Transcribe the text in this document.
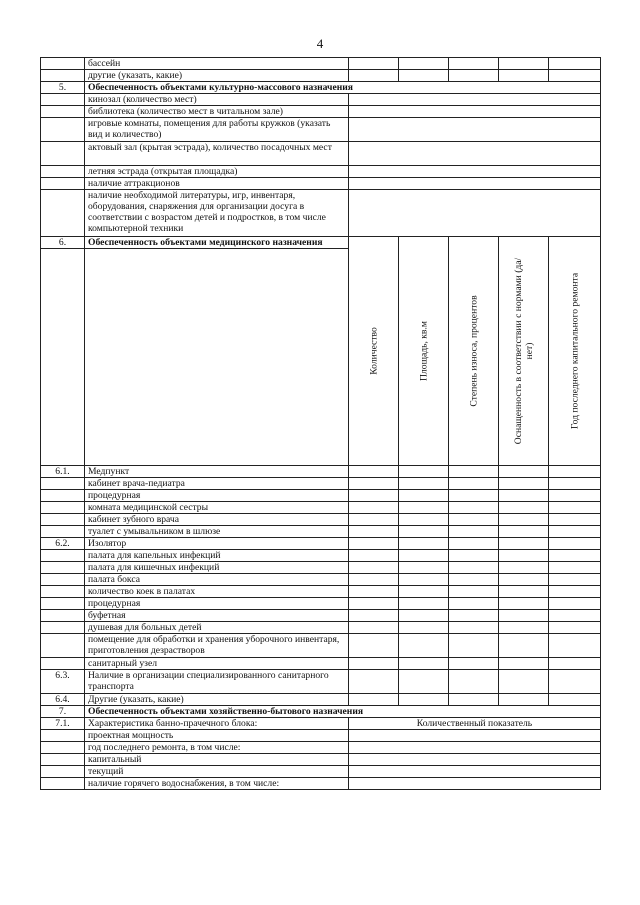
4
	бассейн					
	другие (указать, какие)					
5.	Обеспеченность объектами культурно-массового назначения					
	кинозал (количество мест)					
	библиотека (количество мест в читальном зале)					
	игровые комнаты, помещения для работы кружков (указать вид и количество)					
	актовый зал (крытая эстрада), количество посадочных мест					
	летняя эстрада (открытая площадка)					
	наличие аттракционов					
	наличие необходимой литературы, игр, инвентаря, оборудования, снаряжения для организации досуга в соответствии с возрастом детей и подростков, в том числе компьютерной техники					
6.	Обеспеченность объектами медицинского назначения	Количество	Площадь, кв.м	Степень износа, процентов	Оснащенность в соответствии с нормами (да/нет)	Год последнего капитального ремонта

6.1.	Медпункт					
	кабинет врача-педиатра					
	процедурная					
	комната медицинской сестры					
	кабинет зубного врача					
	туалет с умывальником в шлюзе					
6.2.	Изолятор					
	палата для капельных инфекций					
	палата для кишечных инфекций					
	палата бокса					
	количество коек в палатах					
	процедурная					
	буфетная					
	душевая для больных детей					
	помещение для обработки и хранения уборочного инвентаря, приготовления дезрастворов					
	санитарный узел					
6.3.	Наличие в организации специализированного санитарного транспорта					
6.4.	Другие (указать, какие)					
7.	Обеспеченность объектами хозяйственно-бытового назначения					
7.1.	Характеристика банно-прачечного блока:	Количественный показатель				
	проектная мощность					
	год последнего ремонта, в том числе:					
	капитальный					
	текущий					
	наличие горячего водоснабжения, в том числе:					
